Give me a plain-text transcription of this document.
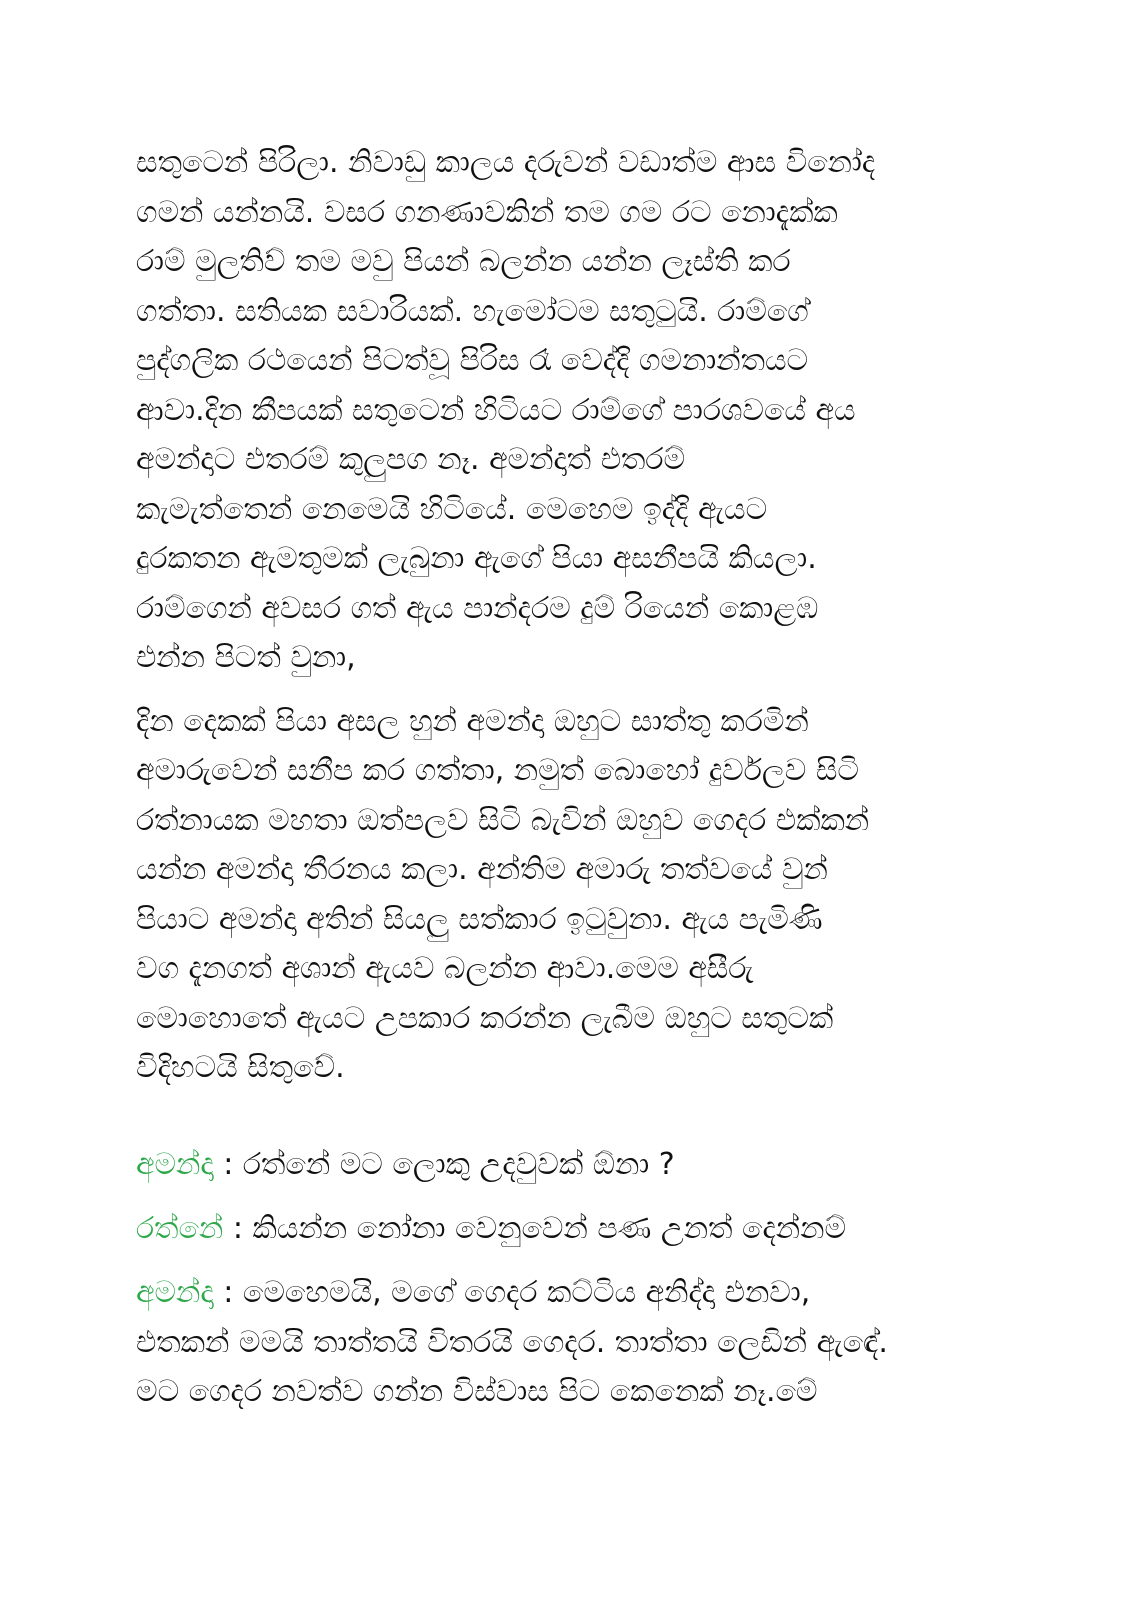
සතුටෙන් පිරිලා. නිවාඩු කාලය දරුවන් වඩාත්ම ආස විනෝද
ගමන් යන්නයි. වසර ගනණාවකින් තම ගම රට නොදැක්ක
රාම් මුලතිව් තම මවු පියන් බලන්න යන්න ලෑස්ති කර
ගත්තා. සතියක සවාරියක්. හැමෝටම සතුටුයි. රාම්ගේ
පුද්ගලික රථයෙන් පිටත්වූ පිරිස රෑ වෙද්දි ගමනාන්තයට
ආවා.දින කීපයක් සතුටෙන් හිටියට රාම්ගේ පාරශවයේ අය
අමන්දාට එතරම් කුලුපග නෑ. අමන්දාත් එතරම්
කැමැත්තෙන් නෙමෙයි හිටියේ. මෙහෙම ඉද්දි ඇයට
දුරකතන ඇමතුමක් ලැබුනා ඇගේ පියා අසනීපයි කියලා.
රාම්ගෙන් අවසර ගත් ඇය පාන්දරම දුම් රියෙන් කොළඹ
එන්න පිටත් වුනා,

දින දෙකක් පියා අසල හුන් අමන්දා ඔහුට සාත්තු කරමින්
අමාරුවෙන් සනීප කර ගත්තා, නමුත් බොහෝ දුර්වලව සිටි
රත්නායක මහතා ඔත්පලව සිටි බැවින් ඔහුව ගෙදර එක්කන්
යන්න අමන්දා තීරනය කලා. අන්තිම අමාරු තත්වයේ වුන්
පියාට අමන්දා අතින් සියලු සත්කාර ඉටුවුනා. ඇය පැමිණි
වග දැනගත් අශාන් ඇයව බලන්න ආවා.මෙම අසීරු
මොහොතේ ඇයට උපකාර කරන්න ලැබීම ඔහුට සතුටක්
විදිහටයි සිතුවේ.

අමන්දා : රත්නේ මට ලොකු උදවුවක් ඕනා ?
රත්නේ : කියන්න නෝනා වෙනුවෙන් පණ උනත් දෙන්නම්
අමන්දා : මෙහෙමයි, මගේ ගෙදර කට්ටිය අනිද්දා එනවා,
එතකන් මමයි තාත්තයි විතරයි ගෙදර. තාත්තා ලෙඩින් ඇඳේ.
මට ගෙදර නවත්ව ගන්න විස්වාස පිට කෙනෙක් නෑ.මේ
